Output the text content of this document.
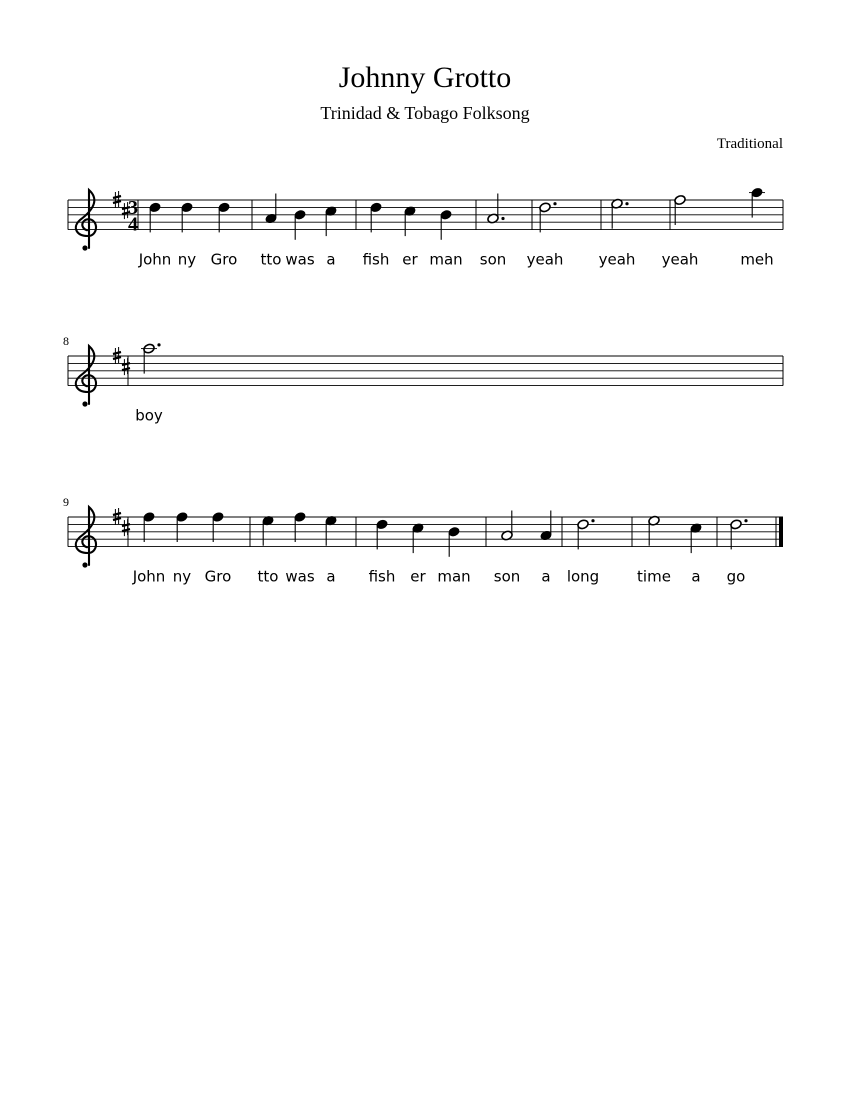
Johnny Grotto
Trinidad & Tobago Folksong
Traditional
3
4
John ny Gro tto was a fish er man son yeah yeah yeah	meh
8
boy
9
John ny Gro tto was a fish er man son a long	time a go
